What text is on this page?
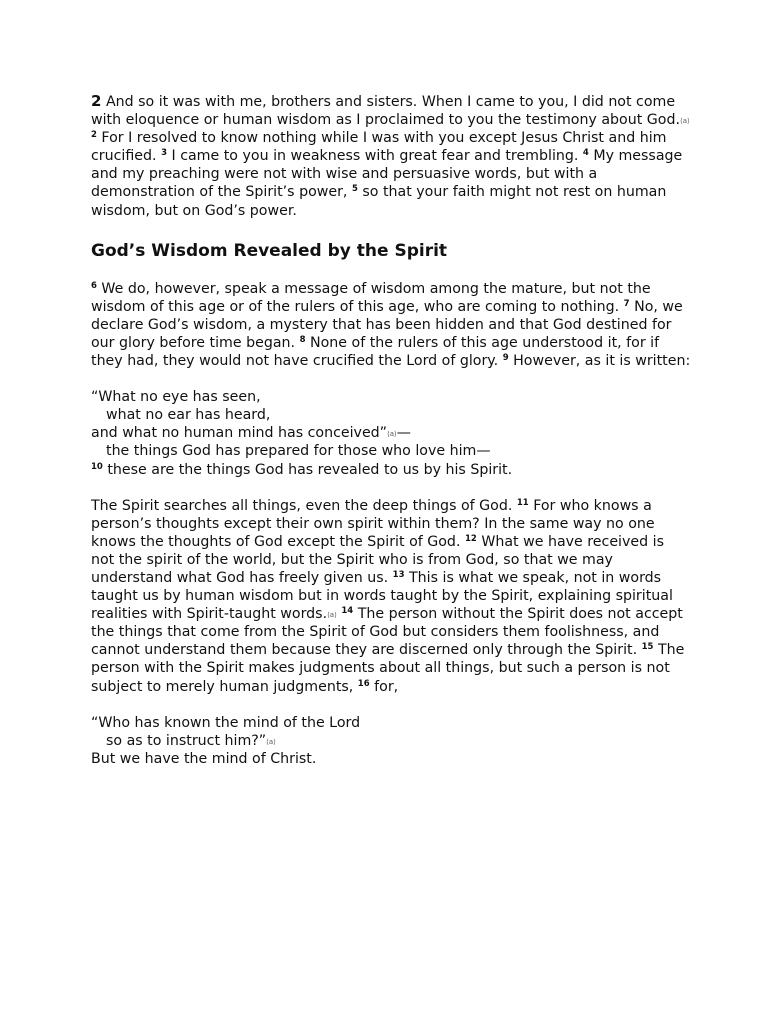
2 And so it was with me, brothers and sisters. When I came to you, I did not come with eloquence or human wisdom as I proclaimed to you the testimony about God.⟨a⟩ $^2$ For I resolved to know nothing while I was with you except Jesus Christ and him crucified. $^3$ I came to you in weakness with great fear and trembling. $^4$ My message and my preaching were not with wise and persuasive words, but with a demonstration of the Spirit’s power, $^5$ so that your faith might not rest on human wisdom, but on God’s power.

God’s Wisdom Revealed by the Spirit

$^6$ We do, however, speak a message of wisdom among the mature, but not the wisdom of this age or of the rulers of this age, who are coming to nothing. $^7$ No, we declare God’s wisdom, a mystery that has been hidden and that God destined for our glory before time began. $^8$ None of the rulers of this age understood it, for if they had, they would not have crucified the Lord of glory. $^9$ However, as it is written:

“What no eye has seen,
what no ear has heard,
and what no human mind has conceived”⟨a⟩—
the things God has prepared for those who love him—
$^{10}$ these are the things God has revealed to us by his Spirit.

The Spirit searches all things, even the deep things of God. $^{11}$ For who knows a person’s thoughts except their own spirit within them? In the same way no one knows the thoughts of God except the Spirit of God. $^{12}$ What we have received is not the spirit of the world, but the Spirit who is from God, so that we may understand what God has freely given us. $^{13}$ This is what we speak, not in words taught us by human wisdom but in words taught by the Spirit, explaining spiritual realities with Spirit-taught words.⟨a⟩ $^{14}$ The person without the Spirit does not accept the things that come from the Spirit of God but considers them foolishness, and cannot understand them because they are discerned only through the Spirit. $^{15}$ The person with the Spirit makes judgments about all things, but such a person is not subject to merely human judgments, $^{16}$ for,

“Who has known the mind of the Lord
so as to instruct him?”⟨a⟩
But we have the mind of Christ.
